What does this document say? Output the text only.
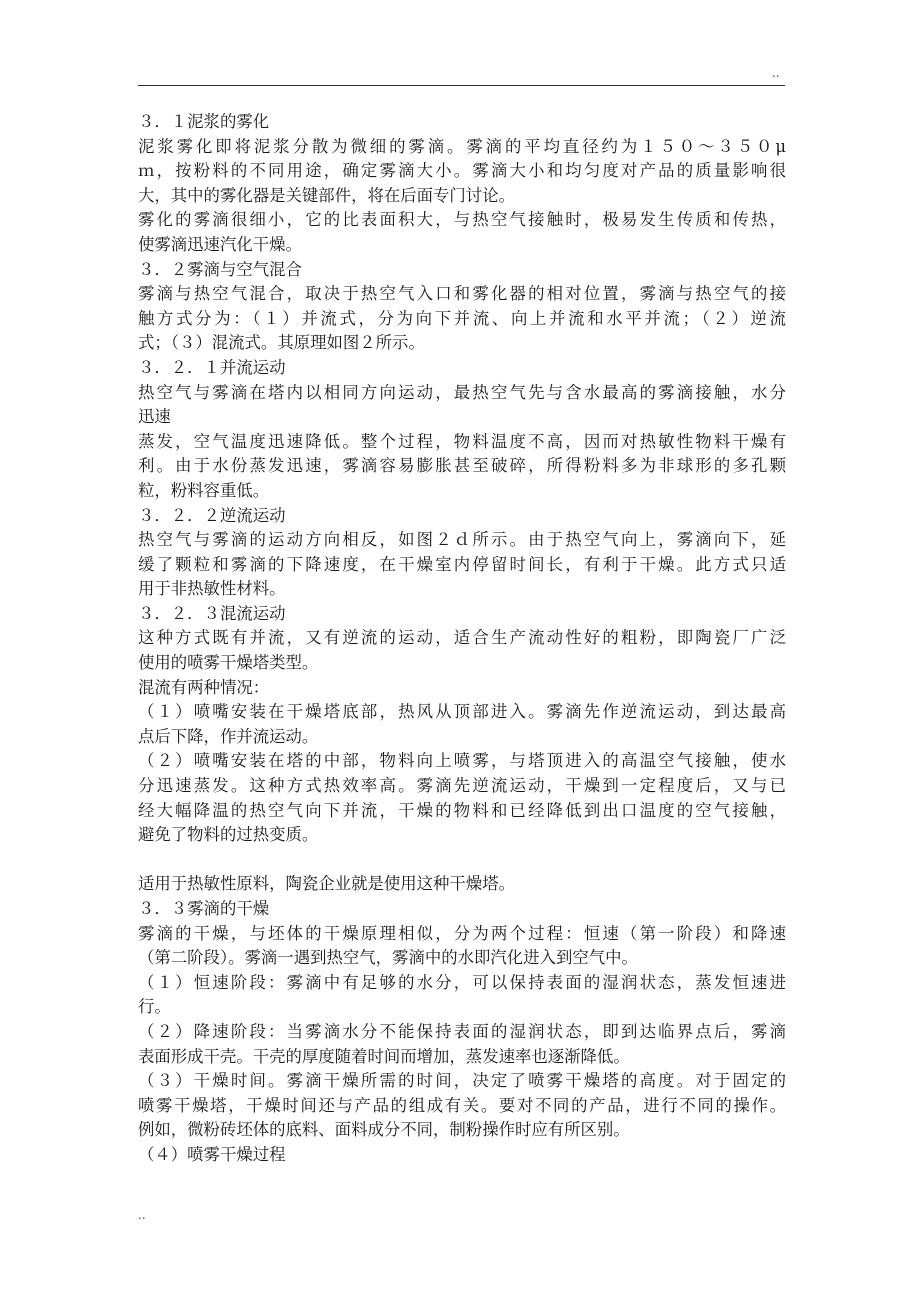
..
３．１泥浆的雾化
泥浆雾化即将泥浆分散为微细的雾滴。雾滴的平均直径约为１５０～３５０μ
ｍ，按粉料的不同用途，确定雾滴大小。雾滴大小和均匀度对产品的质量影响很
大，其中的雾化器是关键部件，将在后面专门讨论。
雾化的雾滴很细小，它的比表面积大，与热空气接触时，极易发生传质和传热，
使雾滴迅速汽化干燥。
３．２雾滴与空气混合
雾滴与热空气混合，取决于热空气入口和雾化器的相对位置，雾滴与热空气的接
触方式分为：（１）并流式，分为向下并流、向上并流和水平并流；（２）逆流
式；（３）混流式。其原理如图２所示。
３．２．１并流运动
热空气与雾滴在塔内以相同方向运动，最热空气先与含水最高的雾滴接触，水分
迅速
蒸发，空气温度迅速降低。整个过程，物料温度不高，因而对热敏性物料干燥有
利。由于水份蒸发迅速，雾滴容易膨胀甚至破碎，所得粉料多为非球形的多孔颗
粒，粉料容重低。
３．２．２逆流运动
热空气与雾滴的运动方向相反，如图２ｄ所示。由于热空气向上，雾滴向下，延
缓了颗粒和雾滴的下降速度，在干燥室内停留时间长，有利于干燥。此方式只适
用于非热敏性材料。
３．２．３混流运动
这种方式既有并流，又有逆流的运动，适合生产流动性好的粗粉，即陶瓷厂广泛
使用的喷雾干燥塔类型。
混流有两种情况：
（１）喷嘴安装在干燥塔底部，热风从顶部进入。雾滴先作逆流运动，到达最高
点后下降，作并流运动。
（２）喷嘴安装在塔的中部，物料向上喷雾，与塔顶进入的高温空气接触，使水
分迅速蒸发。这种方式热效率高。雾滴先逆流运动，干燥到一定程度后，又与已
经大幅降温的热空气向下并流，干燥的物料和已经降低到出口温度的空气接触，
避免了物料的过热变质。
适用于热敏性原料，陶瓷企业就是使用这种干燥塔。
３．３雾滴的干燥
雾滴的干燥，与坯体的干燥原理相似，分为两个过程：恒速（第一阶段）和降速
（第二阶段）。雾滴一遇到热空气，雾滴中的水即汽化进入到空气中。
（１）恒速阶段：雾滴中有足够的水分，可以保持表面的湿润状态，蒸发恒速进
行。
（２）降速阶段：当雾滴水分不能保持表面的湿润状态，即到达临界点后，雾滴
表面形成干壳。干壳的厚度随着时间而增加，蒸发速率也逐渐降低。
（３）干燥时间。雾滴干燥所需的时间，决定了喷雾干燥塔的高度。对于固定的
喷雾干燥塔，干燥时间还与产品的组成有关。要对不同的产品，进行不同的操作。
例如，微粉砖坯体的底料、面料成分不同，制粉操作时应有所区别。
（４）喷雾干燥过程
..
